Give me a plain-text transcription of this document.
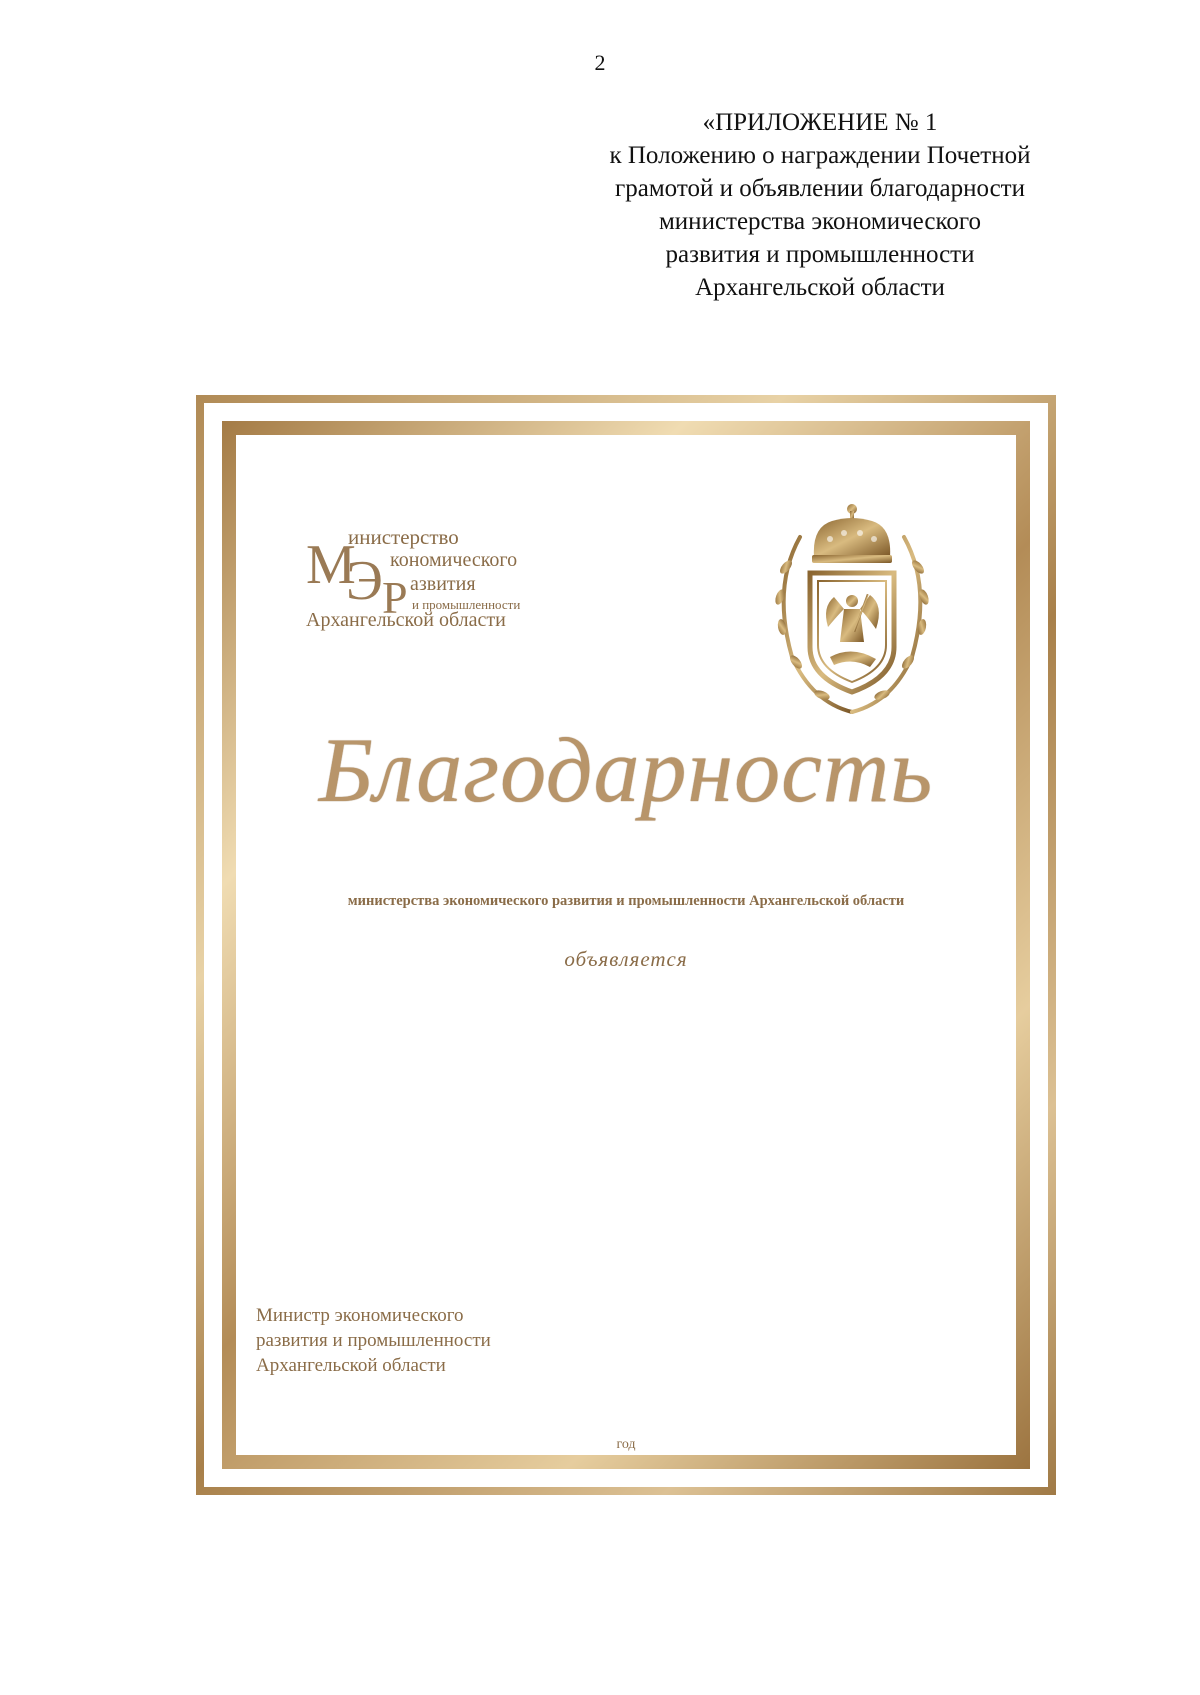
2
«ПРИЛОЖЕНИЕ № 1
к Положению о награждении Почетной
грамотой и объявлении благодарности
министерства экономического
развития и промышленности
Архангельской области
М
Э Р
инистерство
кономического
азвития
и промышленности
Архангельской области
Благодарность
министерства экономического развития и промышленности Архангельской области
объявляется
Министр экономического
развития и промышленности
Архангельской области
год
